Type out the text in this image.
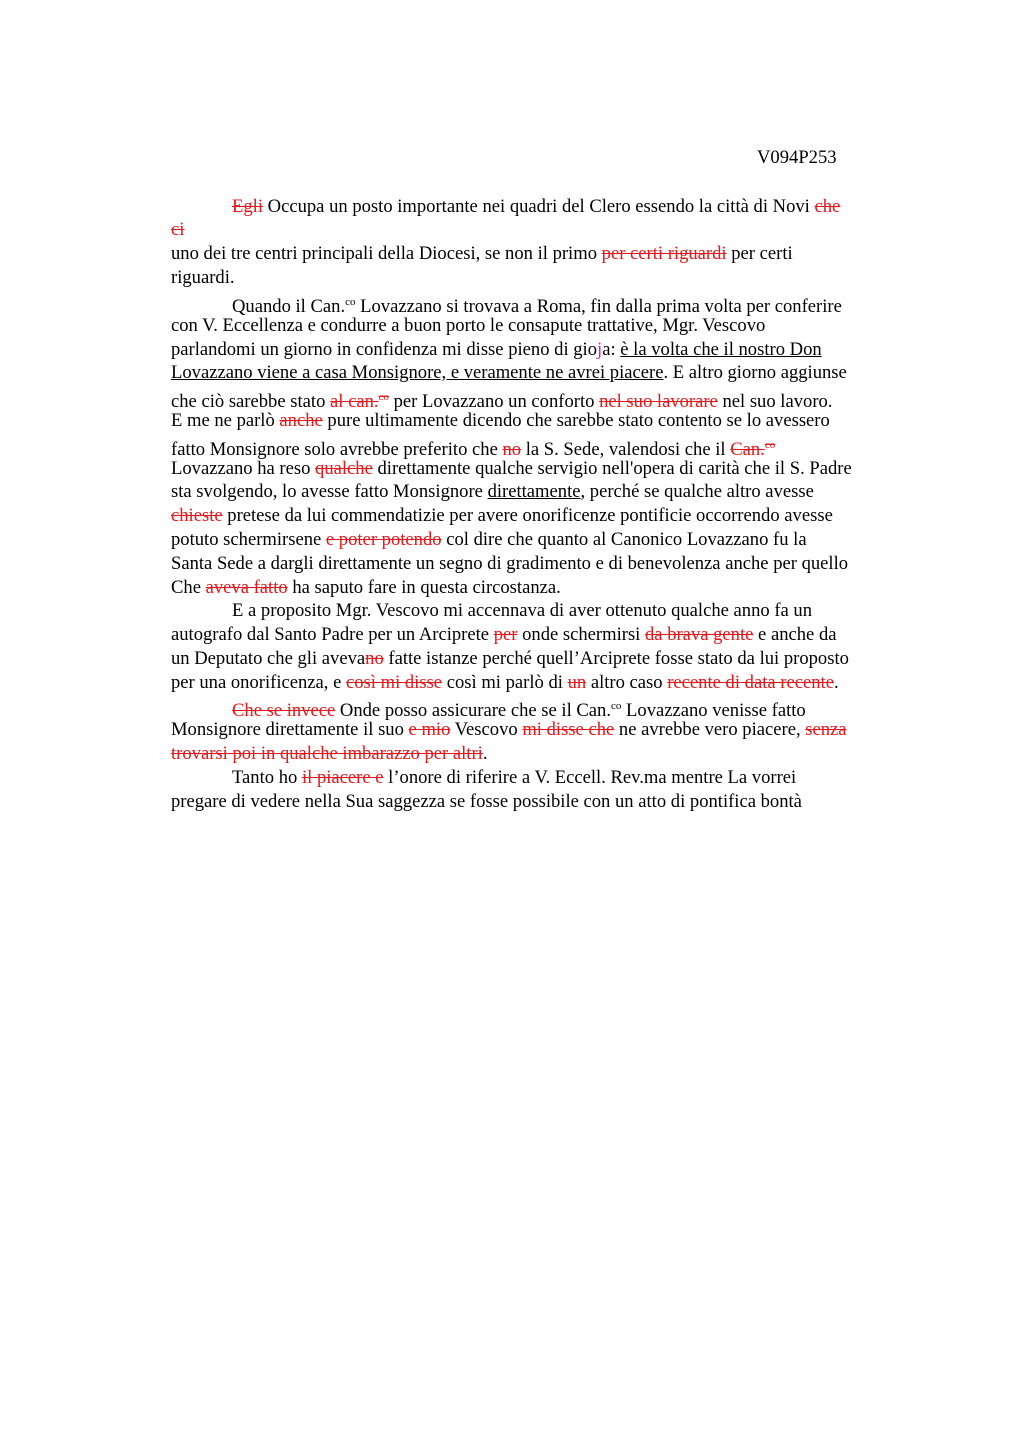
V094P253
Egli Occupa un posto importante nei quadri del Clero essendo la città di Novi che
ci
uno dei tre centri principali della Diocesi, se non il primo per certi riguardi per certi
riguardi.
Quando il Can.$^{co}$ Lovazzano si trovava a Roma, fin dalla prima volta per conferire
con V. Eccellenza e condurre a buon porto le consapute trattative, Mgr. Vescovo
parlandomi un giorno in confidenza mi disse pieno di gioja: è la volta che il nostro Don
Lovazzano viene a casa Monsignore, e veramente ne avrei piacere. E altro giorno aggiunse
che ciò sarebbe stato al can.$^{co}$ per Lovazzano un conforto nel suo lavorare nel suo lavoro.
E me ne parlò anche pure ultimamente dicendo che sarebbe stato contento se lo avessero
fatto Monsignore solo avrebbe preferito che no la S. Sede, valendosi che il Can.$^{co}$
Lovazzano ha reso qualche direttamente qualche servigio nell'opera di carità che il S. Padre
sta svolgendo, lo avesse fatto Monsignore direttamente, perché se qualche altro avesse
chieste pretese da lui commendatizie per avere onorificenze pontificie occorrendo avesse
potuto schermirsene e poter potendo col dire che quanto al Canonico Lovazzano fu la
Santa Sede a dargli direttamente un segno di gradimento e di benevolenza anche per quello
Che aveva fatto ha saputo fare in questa circostanza.
E a proposito Mgr. Vescovo mi accennava di aver ottenuto qualche anno fa un
autografo dal Santo Padre per un Arciprete per onde schermirsi da brava gente e anche da
un Deputato che gli avevano fatte istanze perché quell’Arciprete fosse stato da lui proposto
per una onorificenza, e così mi disse così mi parlò di un altro caso recente di data recente.
Che se invece Onde posso assicurare che se il Can.$^{co}$ Lovazzano venisse fatto
Monsignore direttamente il suo e mio Vescovo mi disse che ne avrebbe vero piacere, senza
trovarsi poi in qualche imbarazzo per altri.
Tanto ho il piacere e l’onore di riferire a V. Eccell. Rev.ma mentre La vorrei
pregare di vedere nella Sua saggezza se fosse possibile con un atto di pontifica bontà
